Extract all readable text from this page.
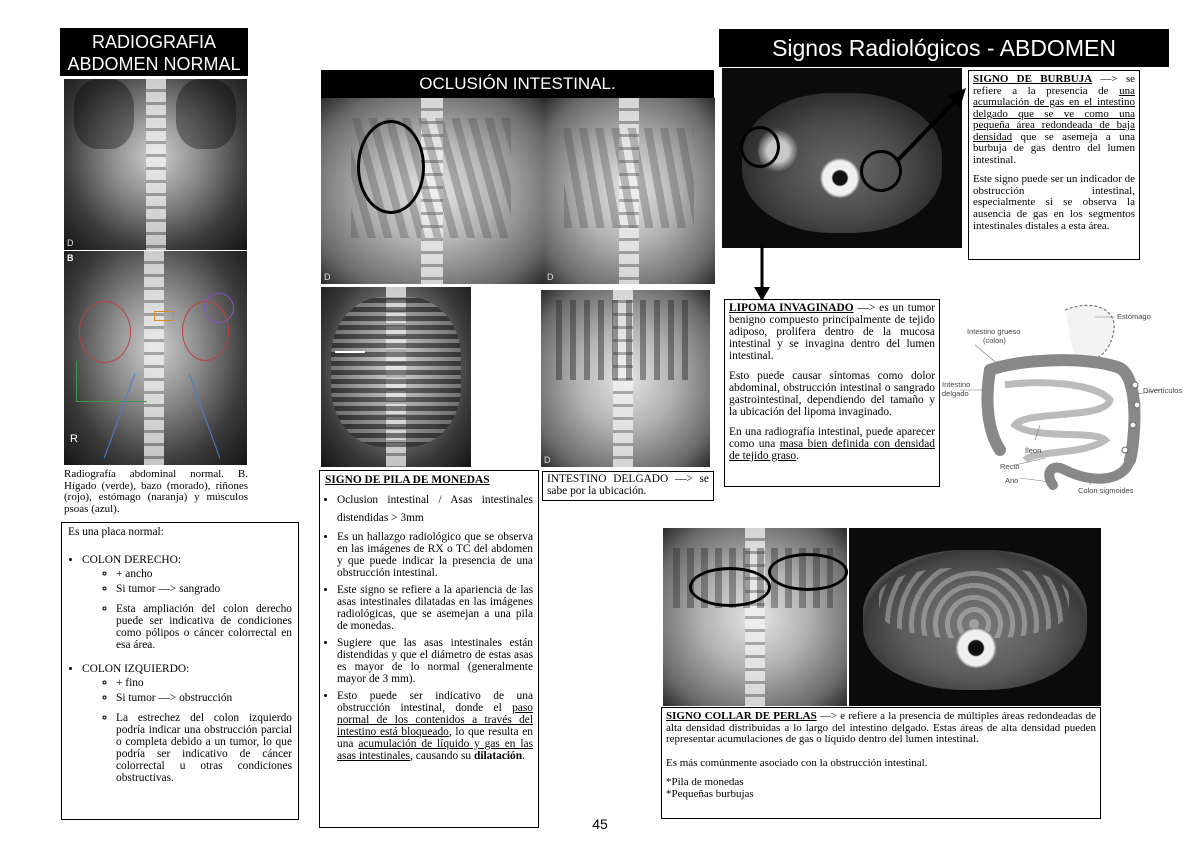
RADIOGRAFIA
ABDOMEN NORMAL
D
B
R
Radiografía abdominal normal. B. Hígado (verde), bazo (morado), riñones (rojo), estómago (naranja) y músculos psoas (azul).
Es una placa normal:
• COLON DERECHO:
◦ + ancho
◦ Si tumor —> sangrado
◦ Esta ampliación del colon derecho puede ser indicativa de condiciones como pólipos o cáncer colorrectal en esa área.
• COLON IZQUIERDO:
◦ + fino
◦ Si tumor —> obstrucción
◦ La estrechez del colon izquierdo podría indicar una obstrucción parcial o completa debido a un tumor, lo que podría ser indicativo de cáncer colorrectal u otras condiciones obstructivas.
OCLUSIÓN INTESTINAL.
D	D
D
INTESTINO DELGADO —> se sabe por la ubicación.
SIGNO DE PILA DE MONEDAS
• Oclusion intestinal / Asas intestinales distendidas > 3mm
• Es un hallazgo radiológico que se observa en las imágenes de RX o TC del abdomen y que puede indicar la presencia de una obstrucción intestinal.
• Este signo se refiere a la apariencia de las asas intestinales dilatadas en las imágenes radiológicas, que se asemejan a una pila de monedas.
• Sugiere que las asas intestinales están distendidas y que el diámetro de estas asas es mayor de lo normal (generalmente mayor de 3 mm).
• Esto puede ser indicativo de una obstrucción intestinal, donde el paso normal de los contenidos a través del intestino está bloqueado, lo que resulta en una acumulación de líquido y gas en las asas intestinales, causando su dilatación.
45
Signos Radiológicos - ABDOMEN

SIGNO DE BURBUJA —> se refiere a la presencia de una acumulación de gas en el intestino delgado que se ve como una pequeña área redondeada de baja densidad que se asemeja a una burbuja de gas dentro del lumen intestinal.

Este signo puede ser un indicador de obstrucción intestinal, especialmente si se observa la ausencia de gas en los segmentos intestinales distales a esta área.

LIPOMA INVAGINADO —> es un tumor benigno compuesto principalmente de tejido adiposo, prolifera dentro de la mucosa intestinal y se invagina dentro del lumen intestinal.

Esto puede causar síntomas como dolor abdominal, obstrucción intestinal o sangrado gastrointestinal, dependiendo del tamaño y la ubicación del lipoma invaginado.

En una radiografía intestinal, puede aparecer como una masa bien definida con densidad de tejido graso.

Estómago
Intestino grueso
(colon)
Intestino
delgado	Divertículos
Íleon
Recto
Ano
Colon sigmoides

SIGNO COLLAR DE PERLAS —> e refiere a la presencia de múltiples áreas redondeadas de alta densidad distribuidas a lo largo del intestino delgado. Estas áreas de alta densidad pueden representar acumulaciones de gas o líquido dentro del lumen intestinal.

Es más comúnmente asociado con la obstrucción intestinal.

*Pila de monedas
*Pequeñas burbujas
